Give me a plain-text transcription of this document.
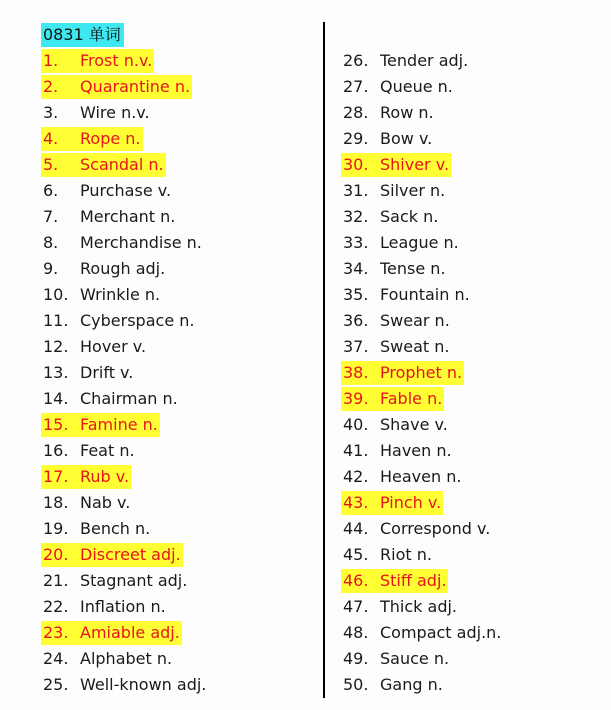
0831 单词
1. Frost n.v.
2. Quarantine n.
3. Wire n.v.
4. Rope n.
5. Scandal n.
6. Purchase v.
7. Merchant n.
8. Merchandise n.
9. Rough adj.
10. Wrinkle n.
11. Cyberspace n.
12. Hover v.
13. Drift v.
14. Chairman n.
15. Famine n.
16. Feat n.
17. Rub v.
18. Nab v.
19. Bench n.
20. Discreet adj.
21. Stagnant adj.
22. Inflation n.
23. Amiable adj.
24. Alphabet n.
25. Well-known adj.
26. Tender adj.
27. Queue n.
28. Row n.
29. Bow v.
30. Shiver v.
31. Silver n.
32. Sack n.
33. League n.
34. Tense n.
35. Fountain n.
36. Swear n.
37. Sweat n.
38. Prophet n.
39. Fable n.
40. Shave v.
41. Haven n.
42. Heaven n.
43. Pinch v.
44. Correspond v.
45. Riot n.
46. Stiff adj.
47. Thick adj.
48. Compact adj.n.
49. Sauce n.
50. Gang n.
